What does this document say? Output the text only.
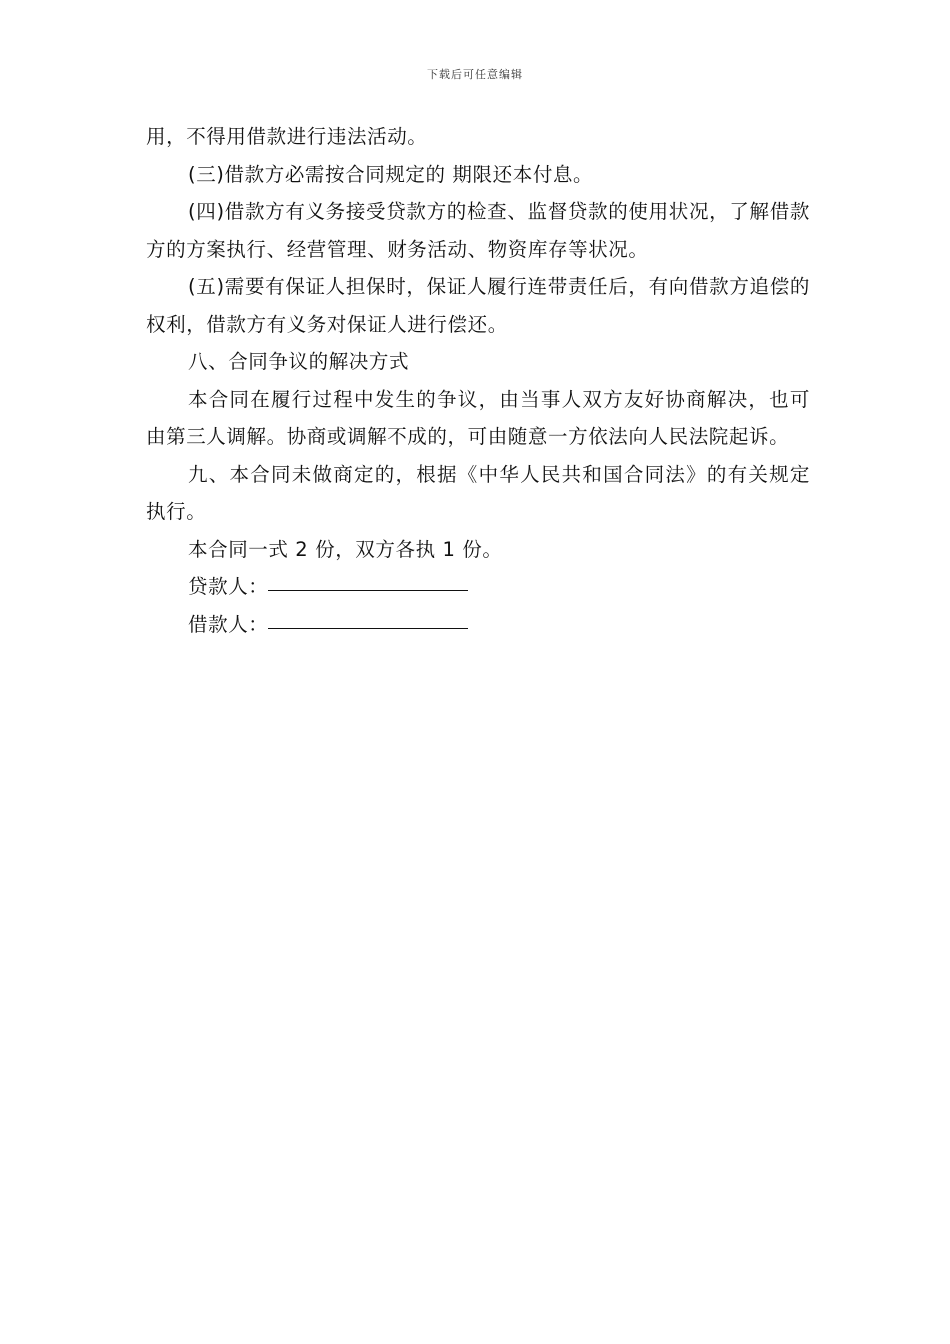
下载后可任意编辑

用，不得用借款进行违法活动。

(三)借款方必需按合同规定的 期限还本付息。

(四)借款方有义务接受贷款方的检查、监督贷款的使用状况，了解借款方的方案执行、经营管理、财务活动、物资库存等状况。

(五)需要有保证人担保时，保证人履行连带责任后，有向借款方追偿的权利，借款方有义务对保证人进行偿还。

八、合同争议的解决方式

本合同在履行过程中发生的争议，由当事人双方友好协商解决，也可由第三人调解。协商或调解不成的，可由随意一方依法向人民法院起诉。

九、本合同未做商定的，根据《中华人民共和国合同法》的有关规定执行。

本合同一式 2 份，双方各执 1 份。

贷款人：

借款人：
